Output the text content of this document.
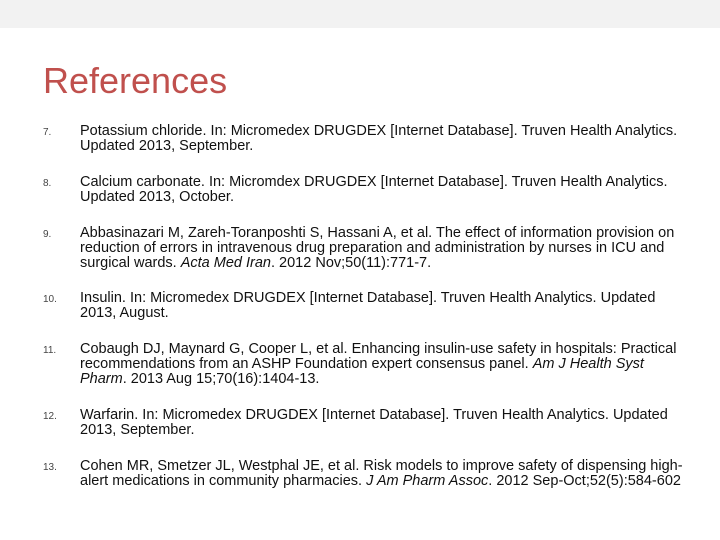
References
7.	Potassium chloride. In: Micromedex DRUGDEX [Internet Database]. Truven Health Analytics. Updated 2013, September.
8.	Calcium carbonate. In: Micromdex DRUGDEX [Internet Database]. Truven Health Analytics. Updated 2013, October.
9.	Abbasinazari M, Zareh-Toranposhti S, Hassani A, et al. The effect of information provision on reduction of errors in intravenous drug preparation and administration by nurses in ICU and surgical wards. Acta Med Iran. 2012 Nov;50(11):771-7.
10.	Insulin. In: Micromedex DRUGDEX [Internet Database]. Truven Health Analytics. Updated 2013, August.
11.	Cobaugh DJ, Maynard G, Cooper L, et al. Enhancing insulin-use safety in hospitals: Practical recommendations from an ASHP Foundation expert consensus panel. Am J Health Syst Pharm. 2013 Aug 15;70(16):1404-13.
12.	Warfarin. In: Micromedex DRUGDEX [Internet Database]. Truven Health Analytics. Updated 2013, September.
13.	Cohen MR, Smetzer JL, Westphal JE, et al. Risk models to improve safety of dispensing high-alert medications in community pharmacies. J Am Pharm Assoc. 2012 Sep-Oct;52(5):584-602
